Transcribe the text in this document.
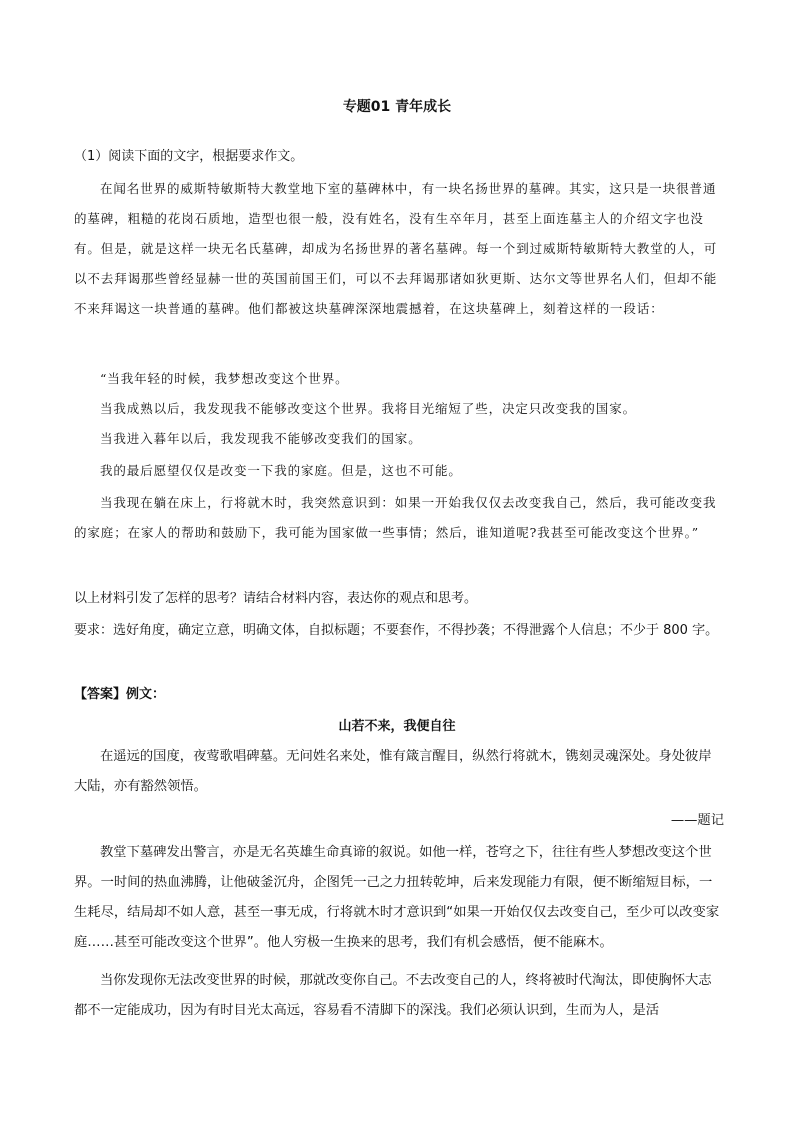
专题01 青年成长
（1）阅读下面的文字，根据要求作文。
在闻名世界的威斯特敏斯特大教堂地下室的墓碑林中，有一块名扬世界的墓碑。其实，这只是一块很普通的墓碑，粗糙的花岗石质地，造型也很一般，没有姓名，没有生卒年月，甚至上面连墓主人的介绍文字也没有。但是，就是这样一块无名氏墓碑，却成为名扬世界的著名墓碑。每一个到过威斯特敏斯特大教堂的人，可以不去拜谒那些曾经显赫一世的英国前国王们，可以不去拜谒那诸如狄更斯、达尔文等世界名人们，但却不能不来拜谒这一块普通的墓碑。他们都被这块墓碑深深地震撼着，在这块墓碑上，刻着这样的一段话：
“当我年轻的时候，我梦想改变这个世界。
当我成熟以后，我发现我不能够改变这个世界。我将目光缩短了些，决定只改变我的国家。
当我进入暮年以后，我发现我不能够改变我们的国家。
我的最后愿望仅仅是改变一下我的家庭。但是，这也不可能。
当我现在躺在床上，行将就木时，我突然意识到：如果一开始我仅仅去改变我自己，然后，我可能改变我的家庭；在家人的帮助和鼓励下，我可能为国家做一些事情；然后，谁知道呢?我甚至可能改变这个世界。”
以上材料引发了怎样的思考？请结合材料内容，表达你的观点和思考。
要求：选好角度，确定立意，明确文体，自拟标题；不要套作，不得抄袭；不得泄露个人信息；不少于 800 字。
【答案】例文：
山若不来，我便自往
在遥远的国度，夜莺歌唱碑墓。无问姓名来处，惟有箴言醒目，纵然行将就木，镌刻灵魂深处。身处彼岸大陆，亦有豁然领悟。
——题记
教堂下墓碑发出警言，亦是无名英雄生命真谛的叙说。如他一样，苍穹之下，往往有些人梦想改变这个世界。一时间的热血沸腾，让他破釜沉舟，企图凭一己之力扭转乾坤，后来发现能力有限，便不断缩短目标，一生耗尽，结局却不如人意，甚至一事无成，行将就木时才意识到“如果一开始仅仅去改变自己，至少可以改变家庭……甚至可能改变这个世界”。他人穷极一生换来的思考，我们有机会感悟，便不能麻木。
当你发现你无法改变世界的时候，那就改变你自己。不去改变自己的人，终将被时代淘汰，即使胸怀大志都不一定能成功，因为有时目光太高远，容易看不清脚下的深浅。我们必须认识到，生而为人，是活
